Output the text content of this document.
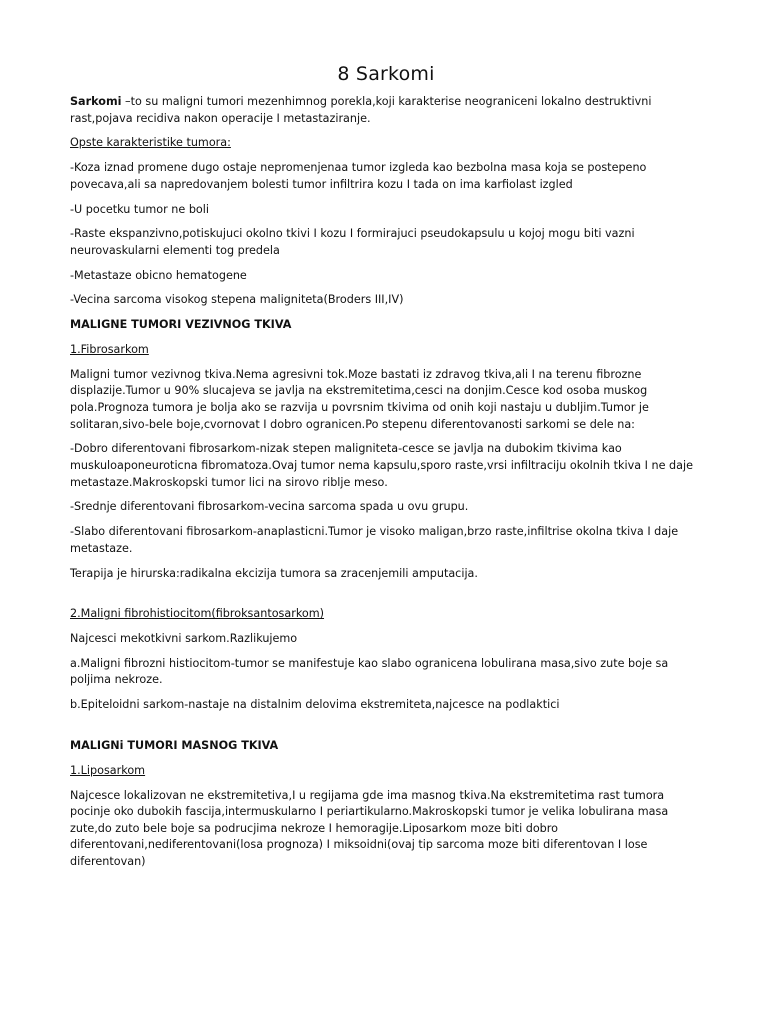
8 Sarkomi

Sarkomi –to su maligni tumori mezenhimnog porekla,koji karakterise neograniceni lokalno destruktivni rast,pojava recidiva nakon operacije I metastaziranje.

Opste karakteristike tumora:

-Koza iznad promene dugo ostaje nepromenjenaa tumor izgleda kao bezbolna masa koja se postepeno povecava,ali sa napredovanjem bolesti tumor infiltrira kozu I tada on ima karfiolast izgled

-U pocetku tumor ne boli

-Raste ekspanzivno,potiskujuci okolno tkivi I kozu I formirajuci pseudokapsulu u kojoj mogu biti vazni neurovaskularni elementi tog predela

-Metastaze obicno hematogene

-Vecina sarcoma visokog stepena maligniteta(Broders III,IV)

MALIGNE TUMORI VEZIVNOG TKIVA

1.Fibrosarkom

Maligni tumor vezivnog tkiva.Nema agresivni tok.Moze bastati iz zdravog tkiva,ali I na terenu fibrozne displazije.Tumor u 90% slucajeva se javlja na ekstremitetima,cesci na donjim.Cesce kod osoba muskog pola.Prognoza tumora je bolja ako se razvija u povrsnim tkivima od onih koji nastaju u dubljim.Tumor je solitaran,sivo-bele boje,cvornovat I dobro ogranicen.Po stepenu diferentovanosti sarkomi se dele na:

-Dobro diferentovani fibrosarkom-nizak stepen maligniteta-cesce se javlja na dubokim tkivima kao muskuloaponeuroticna fibromatoza.Ovaj tumor nema kapsulu,sporo raste,vrsi infiltraciju okolnih tkiva I ne daje metastaze.Makroskopski tumor lici na sirovo riblje meso.

-Srednje diferentovani fibrosarkom-vecina sarcoma spada u ovu grupu.

-Slabo diferentovani fibrosarkom-anaplasticni.Tumor je visoko maligan,brzo raste,infiltrise okolna tkiva I daje metastaze.

Terapija je hirurska:radikalna ekcizija tumora sa zracenjemili amputacija.

2.Maligni fibrohistiocitom(fibroksantosarkom)

Najcesci mekotkivni sarkom.Razlikujemo

a.Maligni fibrozni histiocitom-tumor se manifestuje kao slabo ogranicena lobulirana masa,sivo zute boje sa poljima nekroze.

b.Epiteloidni sarkom-nastaje na distalnim delovima ekstremiteta,najcesce na podlaktici

MALIGNi TUMORI MASNOG TKIVA

1.Liposarkom

Najcesce lokalizovan ne ekstremitetiva,I u regijama gde ima masnog tkiva.Na ekstremitetima rast tumora pocinje oko dubokih fascija,intermuskularno I periartikularno.Makroskopski tumor je velika lobulirana masa zute,do zuto bele boje sa podrucjima nekroze I hemoragije.Liposarkom moze biti dobro diferentovani,nediferentovani(losa prognoza) I miksoidni(ovaj tip sarcoma moze biti diferentovan I lose diferentovan)
